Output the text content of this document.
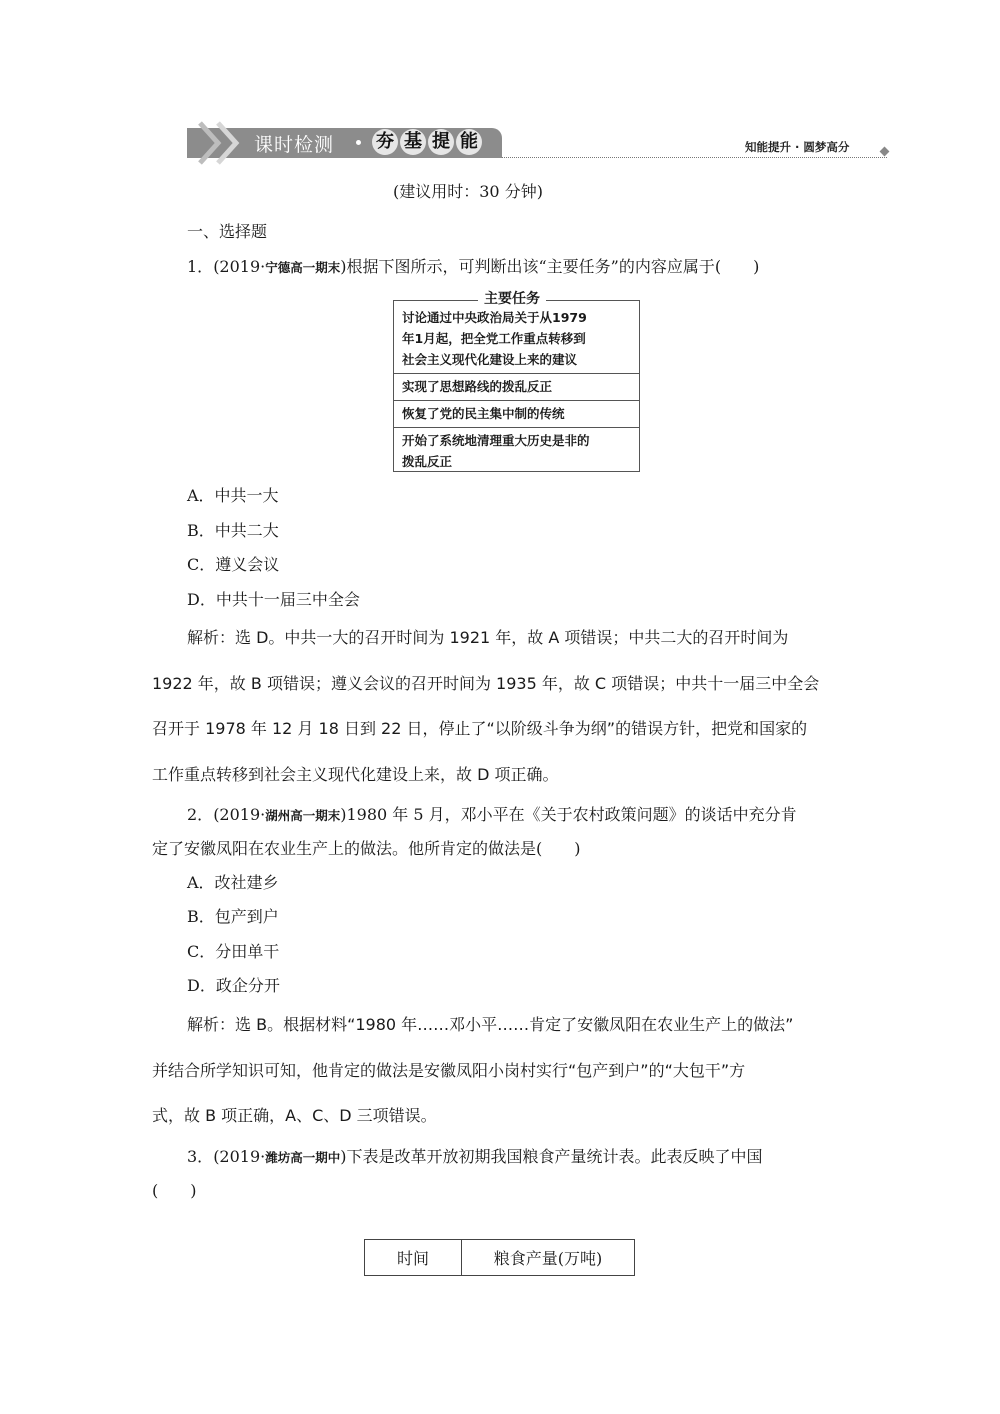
课时检测 夯 基 提 能	知能提升 · 圆梦高分
(建议用时：30 分钟)
一、选择题
1．(2019·宁德高一期末)根据下图所示，可判断出该“主要任务”的内容应属于(　　)
讨论通过中央政治局关于从1979
年1月起，把全党工作重点转移到
社会主义现代化建设上来的建议
实现了思想路线的拨乱反正
恢复了党的民主集中制的传统
开始了系统地清理重大历史是非的
拨乱反正
主要任务
A．中共一大
B．中共二大
C．遵义会议
D．中共十一届三中全会
解析：选 D。中共一大的召开时间为 1921 年，故 A 项错误；中共二大的召开时间为
1922 年，故 B 项错误；遵义会议的召开时间为 1935 年，故 C 项错误；中共十一届三中全会
召开于 1978 年 12 月 18 日到 22 日，停止了“以阶级斗争为纲”的错误方针，把党和国家的
工作重点转移到社会主义现代化建设上来，故 D 项正确。
2．(2019·湖州高一期末)1980 年 5 月，邓小平在《关于农村政策问题》的谈话中充分肯
定了安徽凤阳在农业生产上的做法。他所肯定的做法是(　　)
A．改社建乡
B．包产到户
C．分田单干
D．政企分开
解析：选 B。根据材料“1980 年……邓小平……肯定了安徽凤阳在农业生产上的做法”
并结合所学知识可知，他肯定的做法是安徽凤阳小岗村实行“包产到户”的“大包干”方
式，故 B 项正确，A、C、D 三项错误。
3．(2019·潍坊高一期中)下表是改革开放初期我国粮食产量统计表。此表反映了中国
(　　)
时间	粮食产量(万吨)
